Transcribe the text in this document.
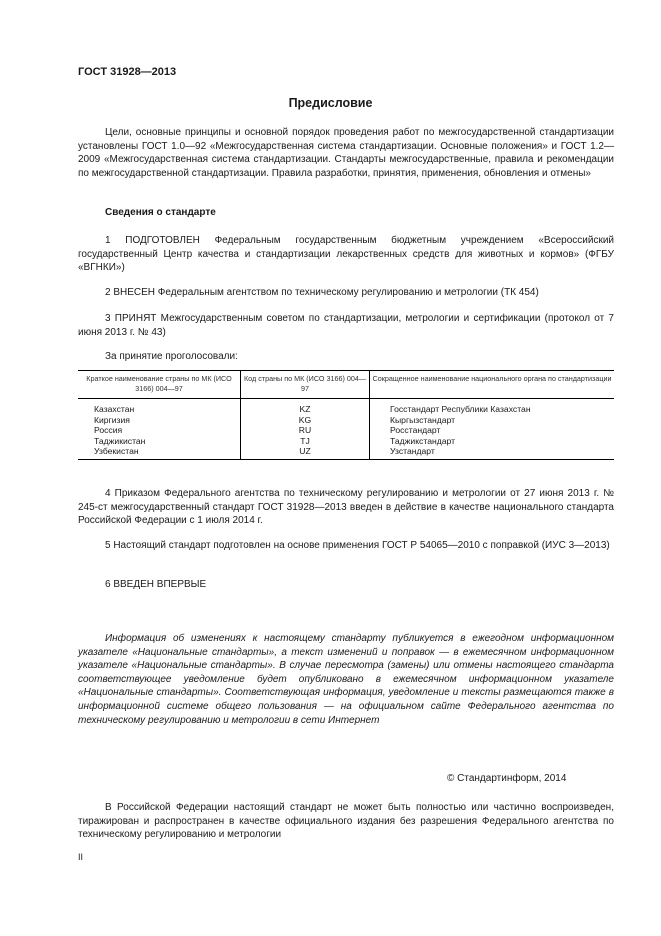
ГОСТ 31928—2013
Предисловие

Цели, основные принципы и основной порядок проведения работ по межгосударственной стандартизации установлены ГОСТ 1.0—92 «Межгосударственная система стандартизации. Основные положения» и ГОСТ 1.2—2009 «Межгосударственная система стандартизации. Стандарты межгосударственные, правила и рекомендации по межгосударственной стандартизации. Правила разработки, принятия, применения, обновления и отмены»

Сведения о стандарте

1 ПОДГОТОВЛЕН Федеральным государственным бюджетным учреждением «Всероссийский государственный Центр качества и стандартизации лекарственных средств для животных и кормов» (ФГБУ «ВГНКИ»)

2 ВНЕСЕН Федеральным агентством по техническому регулированию и метрологии (ТК 454)

3 ПРИНЯТ Межгосударственным советом по стандартизации, метрологии и сертификации (протокол от 7 июня 2013 г. № 43)

За принятие проголосовали:
Краткое наименование страны по МК (ИСО 3166) 004—97	Код страны по МК (ИСО 3166) 004—97	Сокращенное наименование национального органа по стандартизации
Казахстан	KZ	Госстандарт Республики Казахстан
Киргизия	KG	Кыргызстандарт
Россия	RU	Росстандарт
Таджикистан	TJ	Таджикстандарт
Узбекистан	UZ	Узстандарт

4 Приказом Федерального агентства по техническому регулированию и метрологии от 27 июня 2013 г. № 245-ст межгосударственный стандарт ГОСТ 31928—2013 введен в действие в качестве национального стандарта Российской Федерации с 1 июля 2014 г.

5 Настоящий стандарт подготовлен на основе применения ГОСТ Р 54065—2010 с поправкой (ИУС 3—2013)

6 ВВЕДЕН ВПЕРВЫЕ

Информация об изменениях к настоящему стандарту публикуется в ежегодном информационном указателе «Национальные стандарты», а текст изменений и поправок — в ежемесячном информационном указателе «Национальные стандарты». В случае пересмотра (замены) или отмены настоящего стандарта соответствующее уведомление будет опубликовано в ежемесячном информационном указателе «Национальные стандарты». Соответствующая информация, уведомление и тексты размещаются также в информационной системе общего пользования — на официальном сайте Федерального агентства по техническому регулированию и метрологии в сети Интернет

© Стандартинформ, 2014

В Российской Федерации настоящий стандарт не может быть полностью или частично воспроизведен, тиражирован и распространен в качестве официального издания без разрешения Федерального агентства по техническому регулированию и метрологии

II
